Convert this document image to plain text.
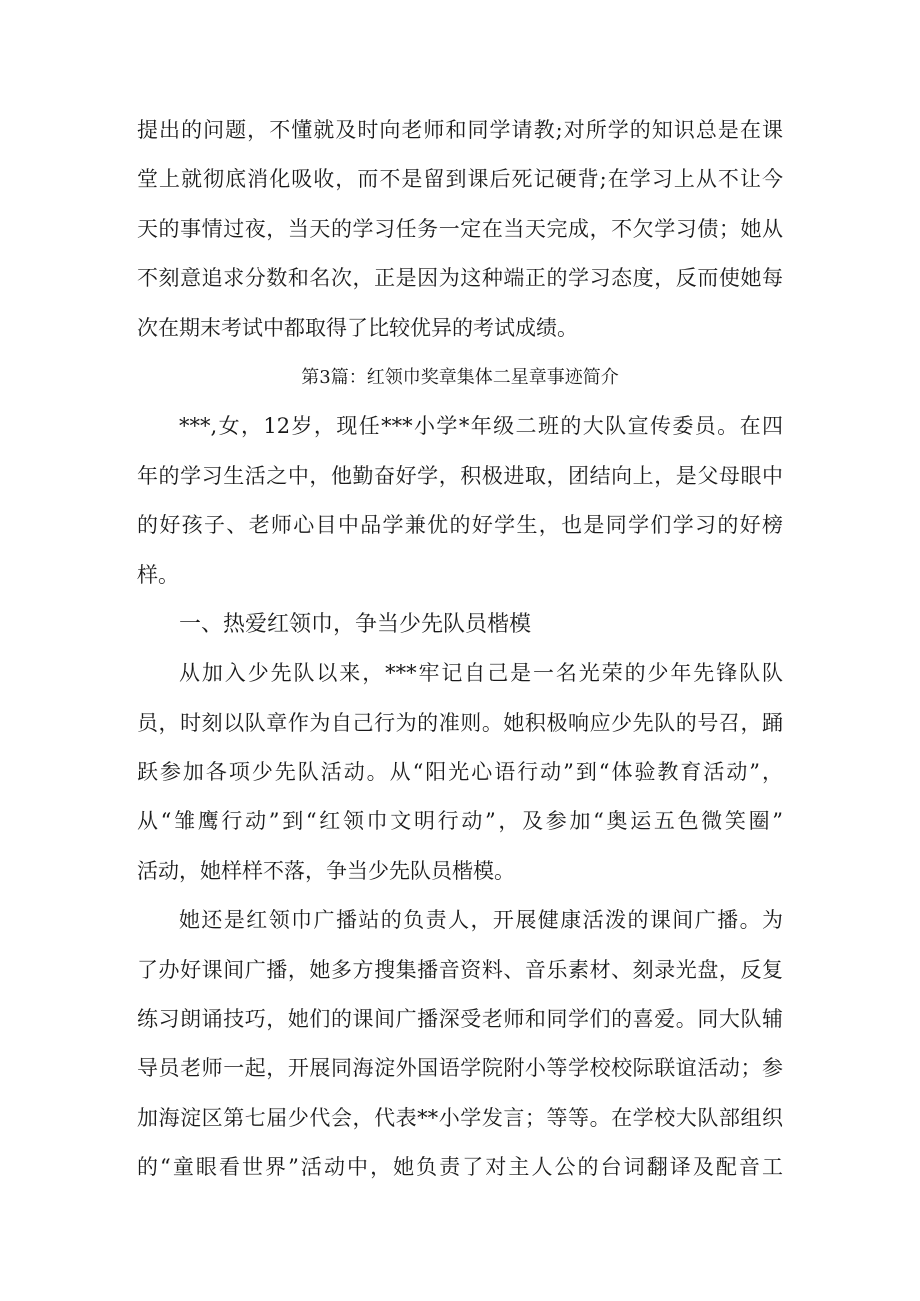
提出的问题，不懂就及时向老师和同学请教;对所学的知识总是在课
堂上就彻底消化吸收，而不是留到课后死记硬背;在学习上从不让今
天的事情过夜，当天的学习任务一定在当天完成，不欠学习债；她从
不刻意追求分数和名次，正是因为这种端正的学习态度，反而使她每
次在期末考试中都取得了比较优异的考试成绩。
第3篇：红领巾奖章集体二星章事迹简介
***,女，12岁，现任***小学*年级二班的大队宣传委员。在四
年的学习生活之中，他勤奋好学，积极进取，团结向上，是父母眼中
的好孩子、老师心目中品学兼优的好学生，也是同学们学习的好榜
样。
一、热爱红领巾，争当少先队员楷模
从加入少先队以来，***牢记自己是一名光荣的少年先锋队队
员，时刻以队章作为自己行为的准则。她积极响应少先队的号召，踊
跃参加各项少先队活动。从“阳光心语行动”到“体验教育活动”，
从“雏鹰行动”到“红领巾文明行动”，及参加“奥运五色微笑圈”
活动，她样样不落，争当少先队员楷模。
她还是红领巾广播站的负责人，开展健康活泼的课间广播。为
了办好课间广播，她多方搜集播音资料、音乐素材、刻录光盘，反复
练习朗诵技巧，她们的课间广播深受老师和同学们的喜爱。同大队辅
导员老师一起，开展同海淀外国语学院附小等学校校际联谊活动；参
加海淀区第七届少代会，代表**小学发言；等等。在学校大队部组织
的“童眼看世界”活动中，她负责了对主人公的台词翻译及配音工
